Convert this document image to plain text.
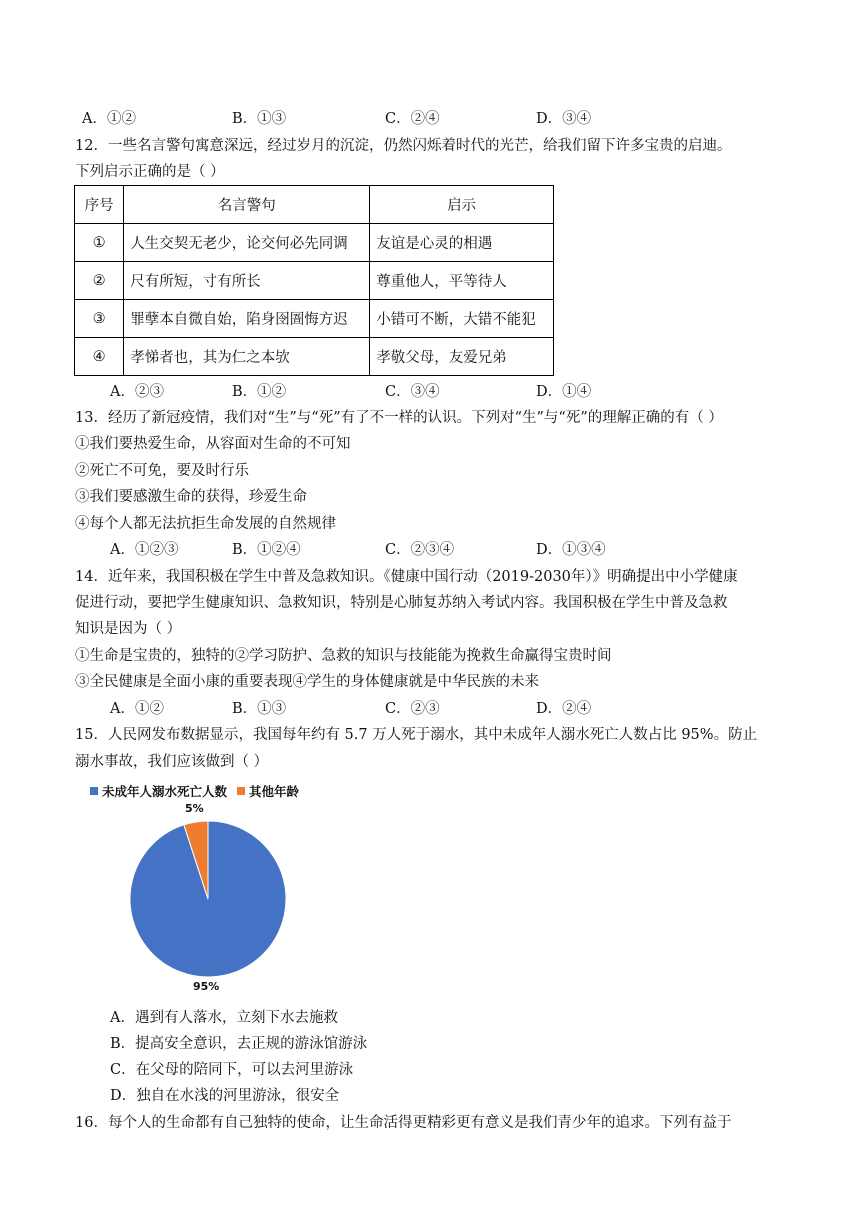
A．①②	B．①③	C．②④	D．③④
12．一些名言警句寓意深远，经过岁月的沉淀，仍然闪烁着时代的光芒，给我们留下许多宝贵的启迪。
下列启示正确的是（ ）
序号	名言警句	启示
①	人生交契无老少，论交何必先同调	友谊是心灵的相遇
②	尺有所短，寸有所长	尊重他人，平等待人
③	罪孽本自微自始，陷身囹圄悔方迟	小错可不断，大错不能犯
④	孝悌者也，其为仁之本欤	孝敬父母，友爱兄弟
A．②③	B．①②	C．③④	D．①④
13．经历了新冠疫情，我们对“生”与“死”有了不一样的认识。下列对“生”与“死”的理解正确的有（ ）
①我们要热爱生命，从容面对生命的不可知
②死亡不可免，要及时行乐
③我们要感激生命的获得，珍爱生命
④每个人都无法抗拒生命发展的自然规律
A．①②③	B．①②④	C．②③④	D．①③④
14．近年来，我国积极在学生中普及急救知识。《健康中国行动（2019-2030年）》明确提出中小学健康
促进行动，要把学生健康知识、急救知识，特别是心肺复苏纳入考试内容。我国积极在学生中普及急救
知识是因为（ ）
①生命是宝贵的，独特的②学习防护、急救的知识与技能能为挽救生命赢得宝贵时间
③全民健康是全面小康的重要表现④学生的身体健康就是中华民族的未来
A．①②	B．①③	C．②③	D．②④
15．人民网发布数据显示，我国每年约有 5.7 万人死于溺水，其中未成年人溺水死亡人数占比 95%。防止
溺水事故，我们应该做到（ ）
未成年人溺水死亡人数 其他年龄
5%
95%
A．遇到有人落水，立刻下水去施救
B．提高安全意识，去正规的游泳馆游泳
C．在父母的陪同下，可以去河里游泳
D．独自在水浅的河里游泳，很安全
16．每个人的生命都有自己独特的使命，让生命活得更精彩更有意义是我们青少年的追求。下列有益于
